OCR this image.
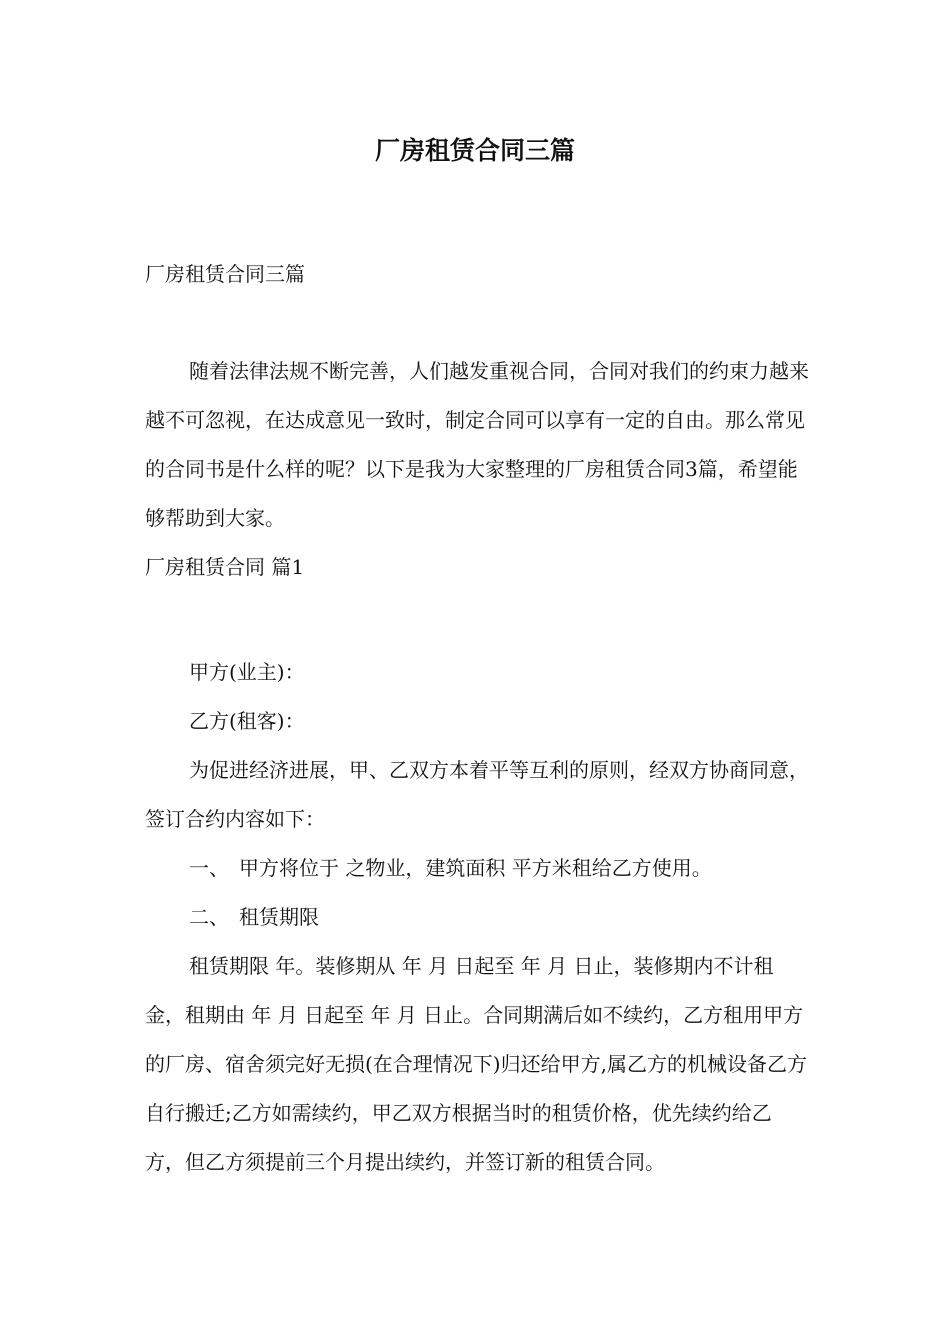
厂房租赁合同三篇

厂房租赁合同三篇

随着法律法规不断完善，人们越发重视合同，合同对我们的约束力越来越不可忽视，在达成意见一致时，制定合同可以享有一定的自由。那么常见的合同书是什么样的呢？以下是我为大家整理的厂房租赁合同3篇，希望能够帮助到大家。

厂房租赁合同 篇1

甲方(业主)：

乙方(租客)：

为促进经济进展，甲、乙双方本着平等互利的原则，经双方协商同意，签订合约内容如下：

一、　甲方将位于 之物业，建筑面积 平方米租给乙方使用。

二、　租赁期限

租赁期限 年。装修期从 年 月 日起至 年 月 日止，装修期内不计租金，租期由 年 月 日起至 年 月 日止。合同期满后如不续约，乙方租用甲方的厂房、宿舍须完好无损(在合理情况下)归还给甲方,属乙方的机械设备乙方自行搬迁;乙方如需续约，甲乙双方根据当时的租赁价格，优先续约给乙方，但乙方须提前三个月提出续约，并签订新的租赁合同。
